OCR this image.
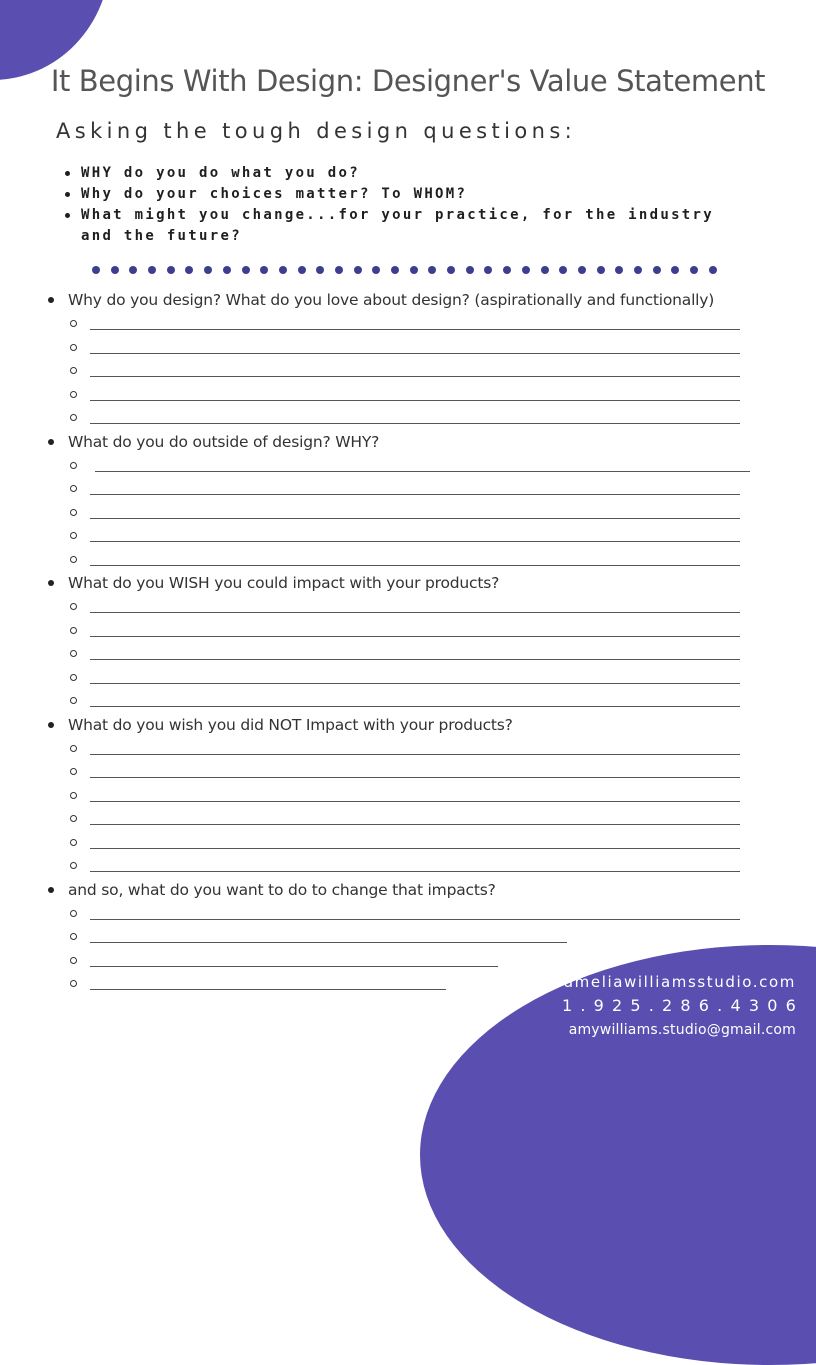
It Begins With Design: Designer's Value Statement
Asking the tough design questions:
WHY do you do what you do?
Why do your choices matter? To WHOM?
What might you change...for your practice, for the industry and the future?
Why do you design? What do you love about design? (aspirationally and functionally)
What do you do outside of design? WHY?
What do you WISH you could impact with your products?
What do you wish you did NOT Impact with your products?
and so, what do you want to do to change that impacts?
ameliawilliamsstudio.com
1.925.286.4306
amywilliams.studio@gmail.com
